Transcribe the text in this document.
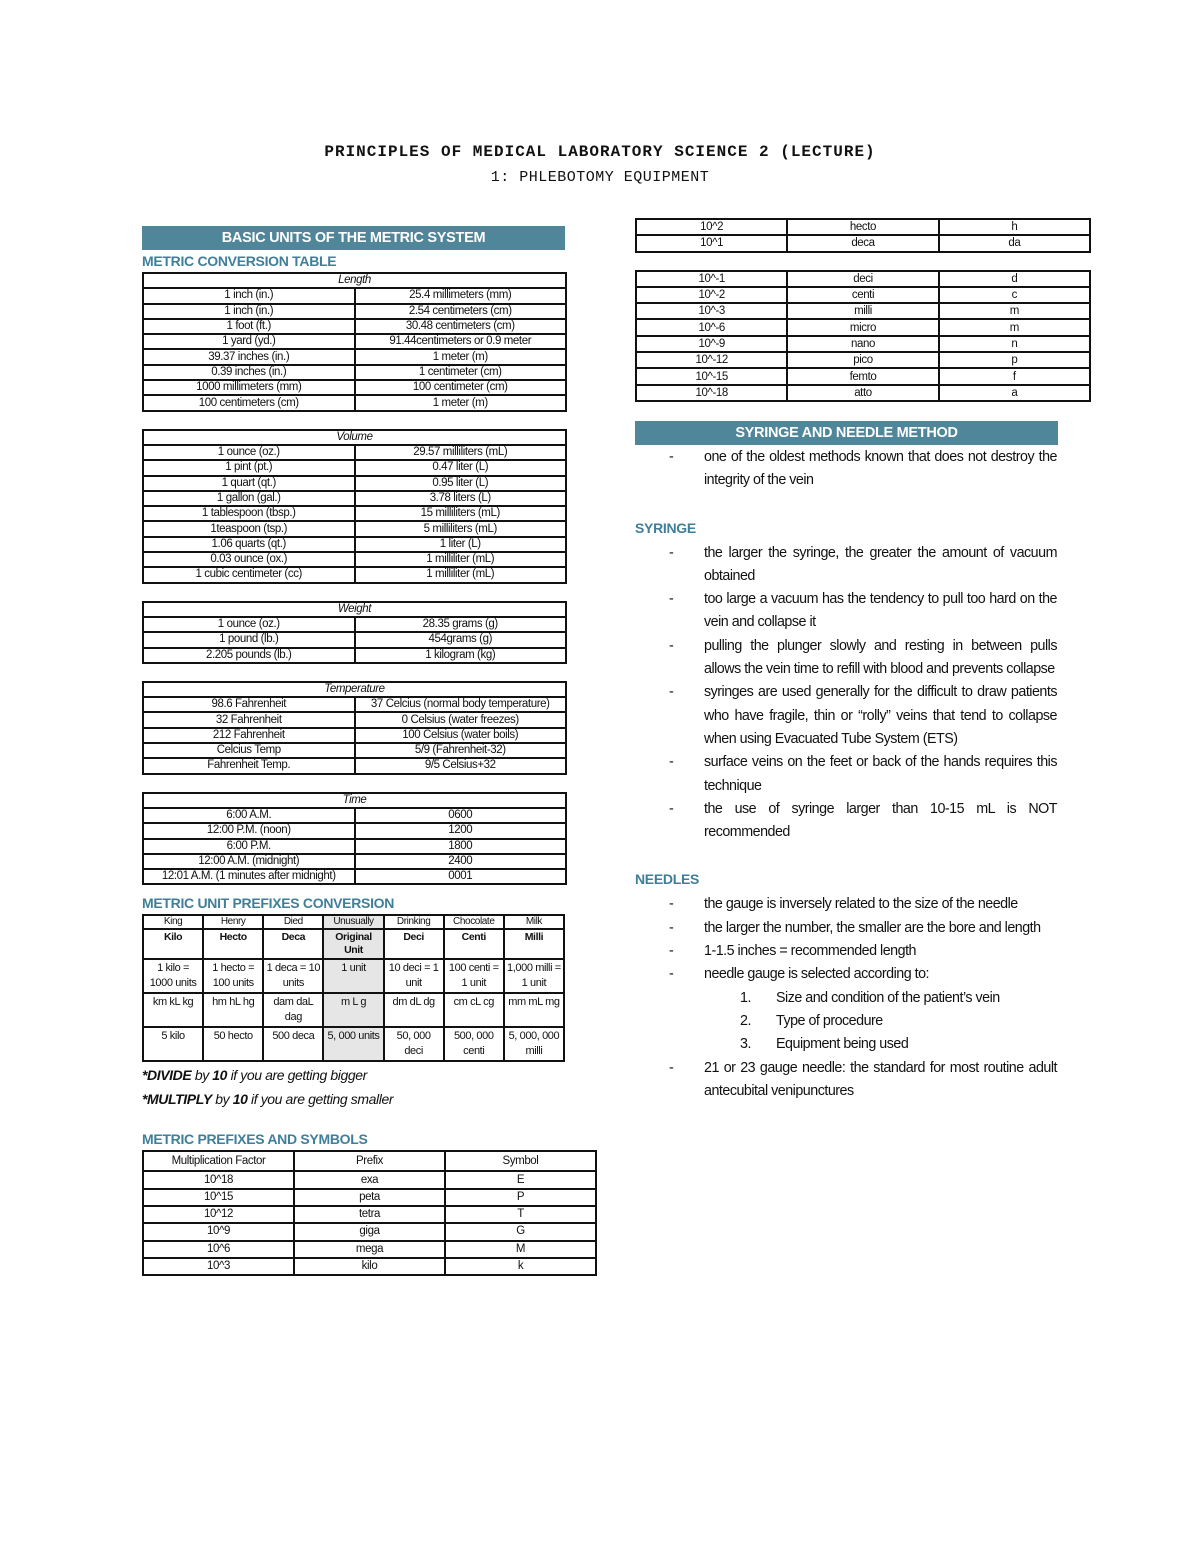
PRINCIPLES OF MEDICAL LABORATORY SCIENCE 2 (LECTURE)
1: PHLEBOTOMY EQUIPMENT
BASIC UNITS OF THE METRIC SYSTEM
METRIC CONVERSION TABLE
Length	
1 inch (in.)	25.4 millimeters (mm)
1 inch (in.)	2.54 centimeters (cm)
1 foot (ft.)	30.48 centimeters (cm)
1 yard (yd.)	91.44centimeters or 0.9 meter
39.37 inches (in.)	1 meter (m)
0.39 inches (in.)	1 centimeter (cm)
1000 millimeters (mm)	100 centimeter (cm)
100 centimeters (cm)	1 meter (m)
Volume	
1 ounce (oz.)	29.57 milliliters (mL)
1 pint (pt.)	0.47 liter (L)
1 quart (qt.)	0.95 liter (L)
1 gallon (gal.)	3.78 liters (L)
1 tablespoon (tbsp.)	15 milliliters (mL)
1teaspoon (tsp.)	5 milliliters (mL)
1.06 quarts (qt.)	1 liter (L)
0.03 ounce (ox.)	1 milliliter (mL)
1 cubic centimeter (cc)	1 milliliter (mL)
Weight	
1 ounce (oz.)	28.35 grams (g)
1 pound (lb.)	454grams (g)
2.205 pounds (lb.)	1 kilogram (kg)
Temperature	
98.6 Fahrenheit	37 Celcius (normal body temperature)
32 Fahrenheit	0 Celsius (water freezes)
212 Fahrenheit	100 Celsius (water boils)
Celcius Temp	5/9 (Fahrenheit-32)
Fahrenheit Temp.	9/5 Celsius+32
Time	
6:00 A.M.	0600
12:00 P.M. (noon)	1200
6:00 P.M.	1800
12:00 A.M. (midnight)	2400
12:01 A.M. (1 minutes after midnight)	0001
METRIC UNIT PREFIXES CONVERSION
King	Henry	Died	Unusually	Drinking	Chocolate	Milk
Kilo	Hecto	Deca	Original Unit	Deci	Centi	Milli
1 kilo = 1000 units	1 hecto = 100 units	1 deca = 10 units	1 unit	10 deci = 1 unit	100 centi = 1 unit	1,000 milli = 1 unit
km kL kg	hm hL hg	dam daL dag	m L g	dm dL dg	cm cL cg	mm mL mg
5 kilo	50 hecto	500 deca	5, 000 units	50, 000 deci	500, 000 centi	5, 000, 000 milli
*DIVIDE by 10 if you are getting bigger
*MULTIPLY by 10 if you are getting smaller
METRIC PREFIXES AND SYMBOLS
Multiplication Factor	Prefix	Symbol
10^18	exa	E
10^15	peta	P
10^12	tetra	T
10^9	giga	G
10^6	mega	M
10^3	kilo	k
10^2	hecto	h
10^1	deca	da
10^-1	deci	d
10^-2	centi	c
10^-3	milli	m
10^-6	micro	m
10^-9	nano	n
10^-12	pico	p
10^-15	femto	f
10^-18	atto	a
SYRINGE AND NEEDLE METHOD
- one of the oldest methods known that does not destroy the integrity of the vein
SYRINGE
- the larger the syringe, the greater the amount of vacuum obtained
- too large a vacuum has the tendency to pull too hard on the vein and collapse it
- pulling the plunger slowly and resting in between pulls allows the vein time to refill with blood and prevents collapse
- syringes are used generally for the difficult to draw patients who have fragile, thin or “rolly” veins that tend to collapse when using Evacuated Tube System (ETS)
- surface veins on the feet or back of the hands requires this technique
- the use of syringe larger than 10-15 mL is NOT recommended
NEEDLES
- the gauge is inversely related to the size of the needle
- the larger the number, the smaller are the bore and length
- 1-1.5 inches = recommended length
- needle gauge is selected according to:
1. Size and condition of the patient’s vein
2. Type of procedure
3. Equipment being used
- 21 or 23 gauge needle: the standard for most routine adult antecubital venipunctures
